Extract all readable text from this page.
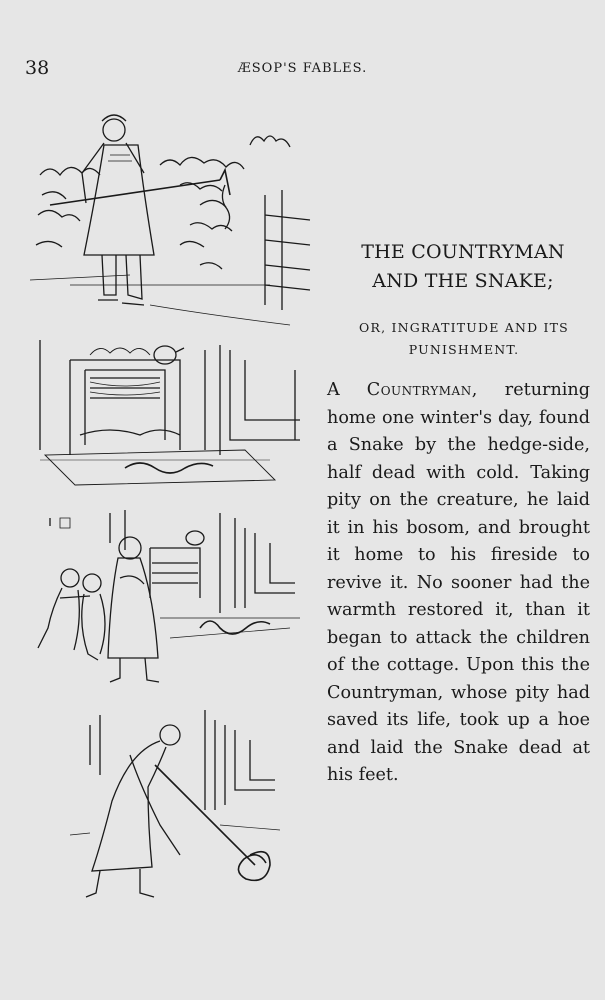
38	ÆSOP'S FABLES.
THE COUNTRYMAN
AND THE SNAKE;
OR, INGRATITUDE AND ITS
PUNISHMENT.
A Countryman, returning home one winter's day, found a Snake by the hedge-side, half dead with cold. Taking pity on the creature, he laid it in his bosom, and brought it home to his fireside to revive it. No sooner had the warmth restored it, than it began to attack the children of the cottage. Upon this the Countryman, whose pity had saved its life, took up a hoe and laid the Snake dead at his feet.
